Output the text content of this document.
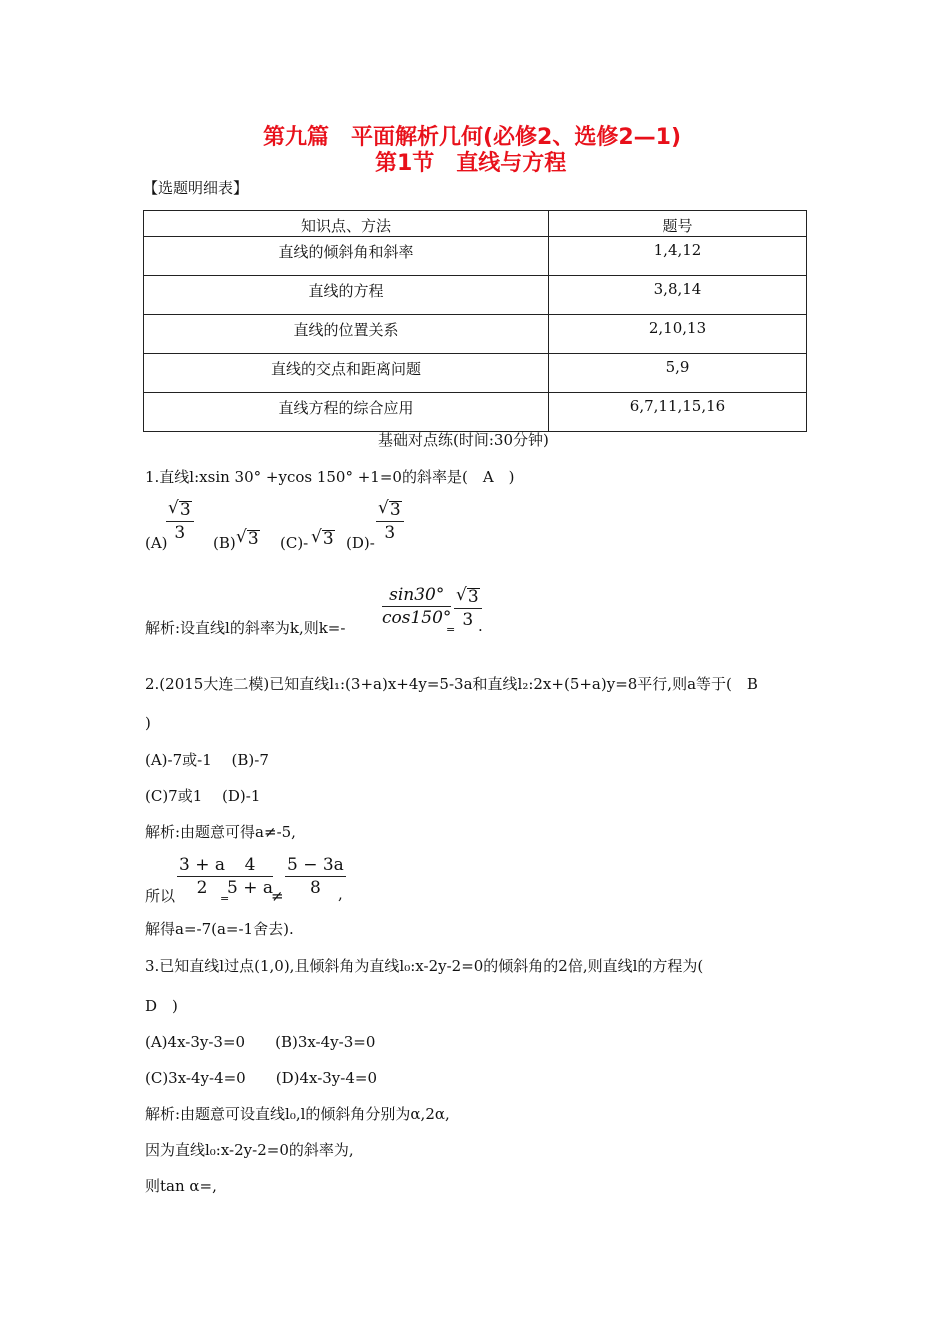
第九篇　平面解析几何(必修2、选修2—1)
第1节　直线与方程
【选题明细表】
知识点、方法	题号
直线的倾斜角和斜率	1,4,12
直线的方程	3,8,14
直线的位置关系	2,10,13
直线的交点和距离问题	5,9
直线方程的综合应用	6,7,11,15,16
基础对点练(时间:30分钟)
1.直线l:xsin 30° +ycos 150° +1=0的斜率是(　A　)
(A)
√ 3
3 (B) √ 3 (C)- √ 3 (D)-
√ 3
3
解析:设直线l的斜率为k,则k=-
sin30°
cos150°
=
√ 3
3 .
2.(2015大连二模)已知直线l₁:(3+a)x+4y=5-3a和直线l₂:2x+(5+a)y=8平行,则a等于(　B
)
(A)-7或-1　 (B)-7
(C)7或1　 (D)-1
解析:由题意可得a≠-5,
所以
3 + a
2
=
4
5 + a
≠
5 − 3a
8 ,
解得a=-7(a=-1舍去).
3.已知直线l过点(1,0),且倾斜角为直线l₀:x-2y-2=0的倾斜角的2倍,则直线l的方程为(
D　)
(A)4x-3y-3=0　　(B)3x-4y-3=0
(C)3x-4y-4=0　　(D)4x-3y-4=0
解析:由题意可设直线l₀,l的倾斜角分别为α,2α,
因为直线l₀:x-2y-2=0的斜率为,
则tan α=,
